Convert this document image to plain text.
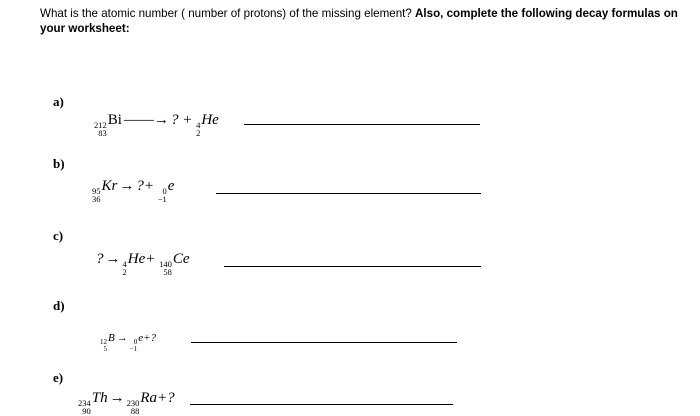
What is the atomic number ( number of protons) of the missing element? Also, complete the following decay formulas on your worksheet:
a)
212
83
Bi ——→ ? + 4
2
He
b)
95
36
Kr → ?+	0
−1
e
c)
? → 4
2
He+ 140
58
Ce
d)
12
5
B → 0
−1
e+?
e)
234
90
Th → 230
88
Ra+?
